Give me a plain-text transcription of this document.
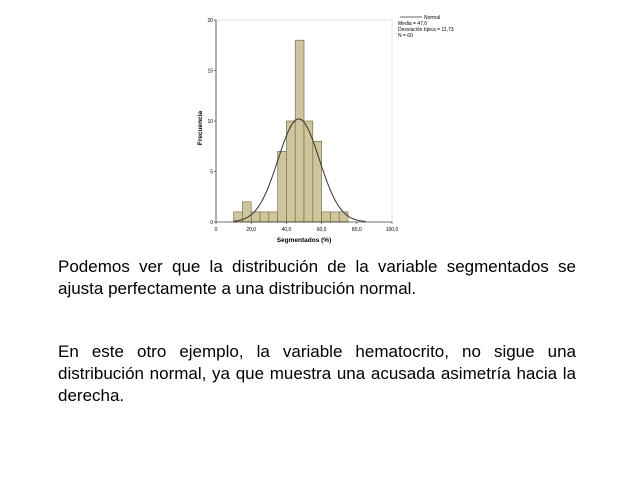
0
5
10
15
20
0	20,0	40,0	60,0	80,0	100,0
Frecuencia
Segmentados (%)
Normal
Media = 47,0
Desviación típica = 11,73
N = 60
Podemos ver que la distribución de la variable segmentados se ajusta perfectamente a una distribución normal.
En este otro ejemplo, la variable hematocrito, no sigue una distribución normal, ya que muestra una acusada asimetría hacia la derecha.
